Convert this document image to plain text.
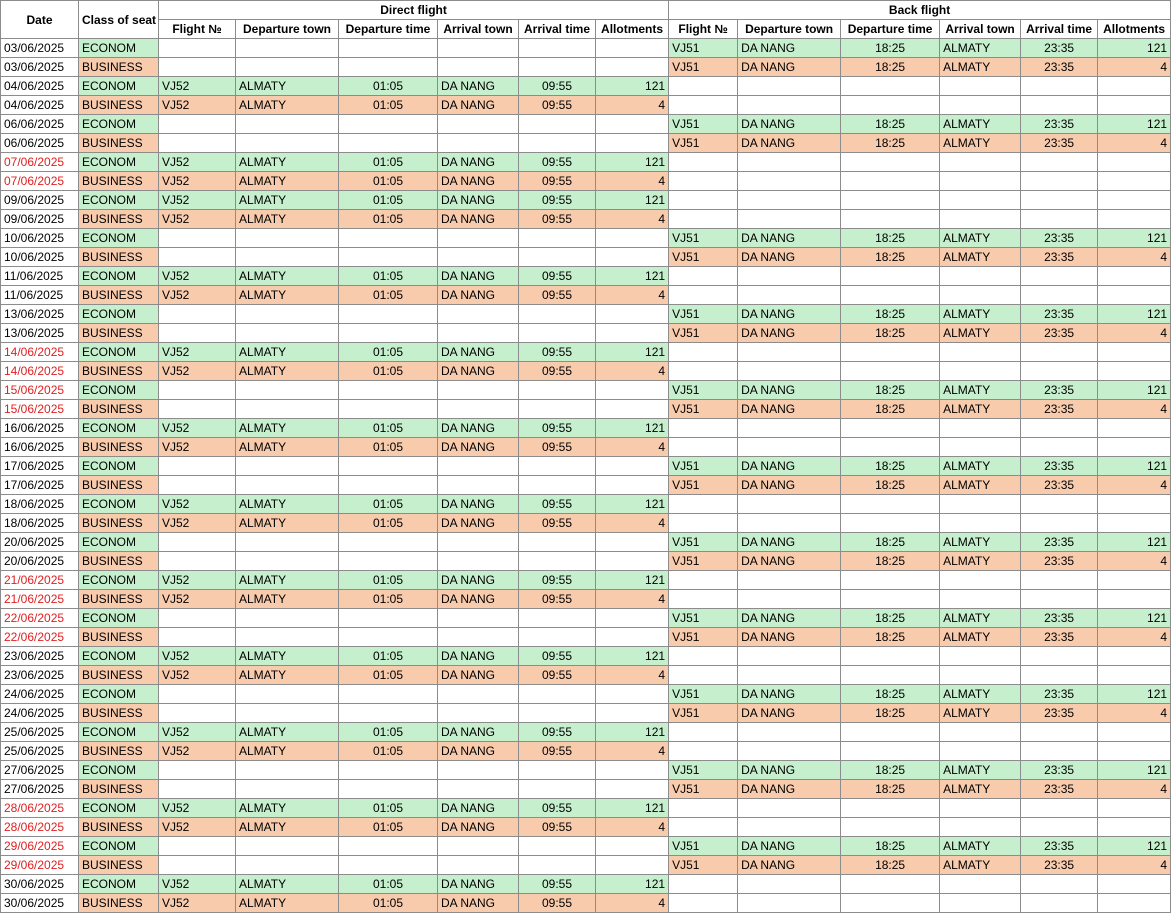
Date	Class of seat	Direct flight						Back flight					
		Flight №	Departure town	Departure time	Arrival town	Arrival time	Allotments	Flight №	Departure town	Departure time	Arrival town	Arrival time	Allotments
03/06/2025	ECONOM							VJ51	DA NANG	18:25	ALMATY	23:35	121
03/06/2025	BUSINESS							VJ51	DA NANG	18:25	ALMATY	23:35	4
04/06/2025	ECONOM	VJ52	ALMATY	01:05	DA NANG	09:55	121						
04/06/2025	BUSINESS	VJ52	ALMATY	01:05	DA NANG	09:55	4						
06/06/2025	ECONOM							VJ51	DA NANG	18:25	ALMATY	23:35	121
06/06/2025	BUSINESS							VJ51	DA NANG	18:25	ALMATY	23:35	4
07/06/2025	ECONOM	VJ52	ALMATY	01:05	DA NANG	09:55	121						
07/06/2025	BUSINESS	VJ52	ALMATY	01:05	DA NANG	09:55	4						
09/06/2025	ECONOM	VJ52	ALMATY	01:05	DA NANG	09:55	121						
09/06/2025	BUSINESS	VJ52	ALMATY	01:05	DA NANG	09:55	4						
10/06/2025	ECONOM							VJ51	DA NANG	18:25	ALMATY	23:35	121
10/06/2025	BUSINESS							VJ51	DA NANG	18:25	ALMATY	23:35	4
11/06/2025	ECONOM	VJ52	ALMATY	01:05	DA NANG	09:55	121						
11/06/2025	BUSINESS	VJ52	ALMATY	01:05	DA NANG	09:55	4						
13/06/2025	ECONOM							VJ51	DA NANG	18:25	ALMATY	23:35	121
13/06/2025	BUSINESS							VJ51	DA NANG	18:25	ALMATY	23:35	4
14/06/2025	ECONOM	VJ52	ALMATY	01:05	DA NANG	09:55	121						
14/06/2025	BUSINESS	VJ52	ALMATY	01:05	DA NANG	09:55	4						
15/06/2025	ECONOM							VJ51	DA NANG	18:25	ALMATY	23:35	121
15/06/2025	BUSINESS							VJ51	DA NANG	18:25	ALMATY	23:35	4
16/06/2025	ECONOM	VJ52	ALMATY	01:05	DA NANG	09:55	121						
16/06/2025	BUSINESS	VJ52	ALMATY	01:05	DA NANG	09:55	4						
17/06/2025	ECONOM							VJ51	DA NANG	18:25	ALMATY	23:35	121
17/06/2025	BUSINESS							VJ51	DA NANG	18:25	ALMATY	23:35	4
18/06/2025	ECONOM	VJ52	ALMATY	01:05	DA NANG	09:55	121						
18/06/2025	BUSINESS	VJ52	ALMATY	01:05	DA NANG	09:55	4						
20/06/2025	ECONOM							VJ51	DA NANG	18:25	ALMATY	23:35	121
20/06/2025	BUSINESS							VJ51	DA NANG	18:25	ALMATY	23:35	4
21/06/2025	ECONOM	VJ52	ALMATY	01:05	DA NANG	09:55	121						
21/06/2025	BUSINESS	VJ52	ALMATY	01:05	DA NANG	09:55	4						
22/06/2025	ECONOM							VJ51	DA NANG	18:25	ALMATY	23:35	121
22/06/2025	BUSINESS							VJ51	DA NANG	18:25	ALMATY	23:35	4
23/06/2025	ECONOM	VJ52	ALMATY	01:05	DA NANG	09:55	121						
23/06/2025	BUSINESS	VJ52	ALMATY	01:05	DA NANG	09:55	4						
24/06/2025	ECONOM							VJ51	DA NANG	18:25	ALMATY	23:35	121
24/06/2025	BUSINESS							VJ51	DA NANG	18:25	ALMATY	23:35	4
25/06/2025	ECONOM	VJ52	ALMATY	01:05	DA NANG	09:55	121						
25/06/2025	BUSINESS	VJ52	ALMATY	01:05	DA NANG	09:55	4						
27/06/2025	ECONOM							VJ51	DA NANG	18:25	ALMATY	23:35	121
27/06/2025	BUSINESS							VJ51	DA NANG	18:25	ALMATY	23:35	4
28/06/2025	ECONOM	VJ52	ALMATY	01:05	DA NANG	09:55	121						
28/06/2025	BUSINESS	VJ52	ALMATY	01:05	DA NANG	09:55	4						
29/06/2025	ECONOM							VJ51	DA NANG	18:25	ALMATY	23:35	121
29/06/2025	BUSINESS							VJ51	DA NANG	18:25	ALMATY	23:35	4
30/06/2025	ECONOM	VJ52	ALMATY	01:05	DA NANG	09:55	121						
30/06/2025	BUSINESS	VJ52	ALMATY	01:05	DA NANG	09:55	4						
